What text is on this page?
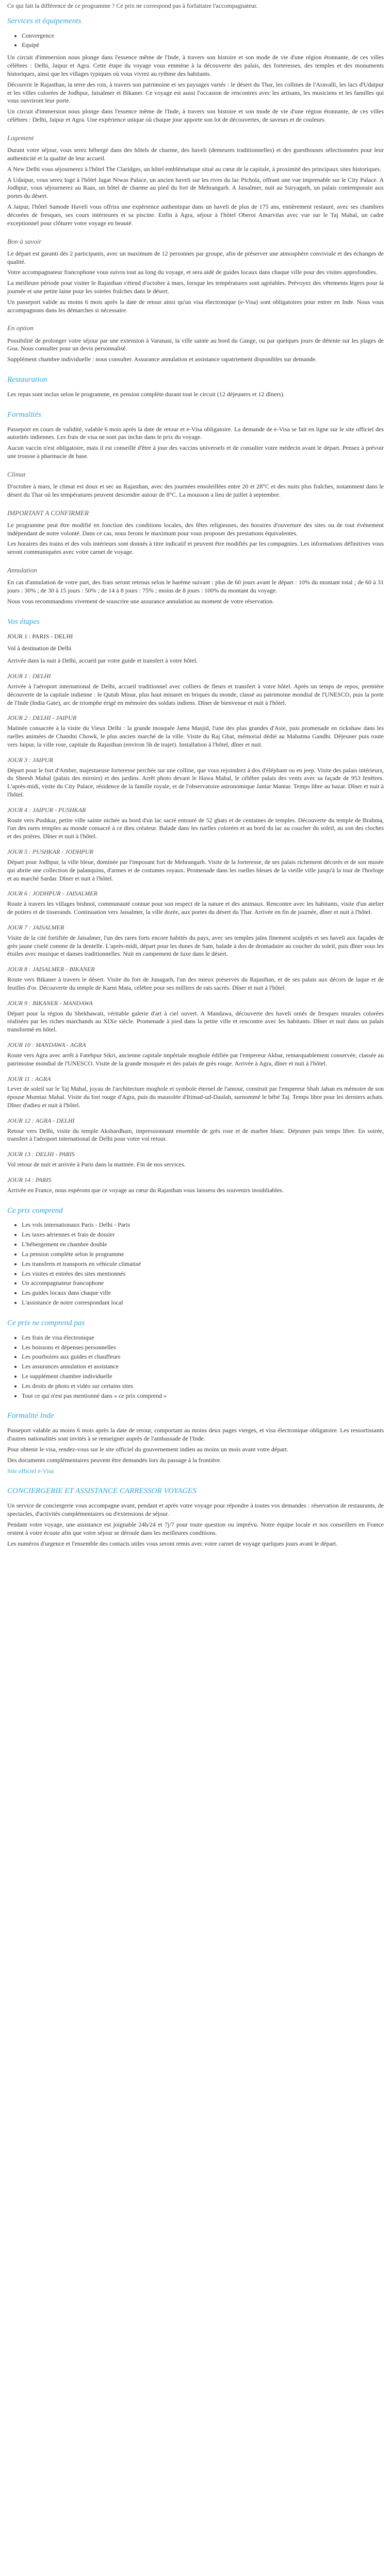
Ce qui fait la différence de ce programme ? Ce prix ne correspond pas à forfaitaire l'accompagnateur.

Services et équipements
• Convergence
• Equipé

Un circuit d'immersion nous plonge dans l'essence même de l'Inde, à travers son histoire et son mode de vie d'une région étonnante, de ces villes célèbres : Delhi, Jaipur et Agra. Cette étape du voyage vous emmène à la découverte des palais, des forteresses, des temples et des monuments historiques, ainsi que les villages typiques où vous vivrez au rythme des habitants.

Découvrir le Rajasthan, la terre des rois, à travers son patrimoine et ses paysages variés : le désert du Thar, les collines de l'Aravalli, les lacs d'Udaipur et les villes colorées de Jodhpur, Jaisalmer et Bikaner. Ce voyage est aussi l'occasion de rencontres avec les artisans, les musiciens et les familles qui vous ouvriront leur porte.

Un circuit d'immersion nous plonge dans l'essence même de l'Inde, à travers son histoire et son mode de vie d'une région étonnante, de ces villes célèbres : Delhi, Jaipur et Agra. Une expérience unique où chaque jour apporte son lot de découvertes, de saveurs et de couleurs.

Logement

Durant votre séjour, vous serez hébergé dans des hôtels de charme, des haveli (demeures traditionnelles) et des guesthouses sélectionnées pour leur authenticité et la qualité de leur accueil.

A New Delhi vous séjournerez à l'hôtel The Claridges, un hôtel emblématique situé au cœur de la capitale, à proximité des principaux sites historiques.

A Udaipur, vous serez logé à l'hôtel Jagat Niwas Palace, un ancien haveli sur les rives du lac Pichola, offrant une vue imprenable sur le City Palace. A Jodhpur, vous séjournerez au Raas, un hôtel de charme au pied du fort de Mehrangarh. A Jaisalmer, nuit au Suryagarh, un palais contemporain aux portes du désert.

A Jaipur, l'hôtel Samode Haveli vous offrira une expérience authentique dans un haveli de plus de 175 ans, entièrement restauré, avec ses chambres décorées de fresques, ses cours intérieures et sa piscine. Enfin à Agra, séjour à l'hôtel Oberoi Amarvilas avec vue sur le Taj Mahal, un cadre exceptionnel pour clôturer votre voyage en beauté.

Bon à savoir

Le départ est garanti dès 2 participants, avec un maximum de 12 personnes par groupe, afin de préserver une atmosphère conviviale et des échanges de qualité.

Votre accompagnateur francophone vous suivra tout au long du voyage, et sera aidé de guides locaux dans chaque ville pour des visites approfondies.

La meilleure période pour visiter le Rajasthan s'étend d'octobre à mars, lorsque les températures sont agréables. Prévoyez des vêtements légers pour la journée et une petite laine pour les soirées fraîches dans le désert.

Un passeport valide au moins 6 mois après la date de retour ainsi qu'un visa électronique (e-Visa) sont obligatoires pour entrer en Inde. Nous vous accompagnons dans les démarches si nécessaire.

En option

Possibilité de prolonger votre séjour par une extension à Varanasi, la ville sainte au bord du Gange, ou par quelques jours de détente sur les plages de Goa. Nous consulter pour un devis personnalisé.

Supplément chambre individuelle : nous consulter. Assurance annulation et assistance rapatriement disponibles sur demande.

Restauration

Les repas sont inclus selon le programme, en pension complète durant tout le circuit (12 déjeuners et 12 dîners).

Formalités

Passeport en cours de validité, valable 6 mois après la date de retour et e-Visa obligatoire. La demande de e-Visa se fait en ligne sur le site officiel des autorités indiennes. Les frais de visa ne sont pas inclus dans le prix du voyage.

Aucun vaccin n'est obligatoire, mais il est conseillé d'être à jour des vaccins universels et de consulter votre médecin avant le départ. Pensez à prévoir une trousse à pharmacie de base.

Climat

D'octobre à mars, le climat est doux et sec au Rajasthan, avec des journées ensoleillées entre 20 et 28°C et des nuits plus fraîches, notamment dans le désert du Thar où les températures peuvent descendre autour de 8°C. La mousson a lieu de juillet à septembre.

IMPORTANT A CONFIRMER

Le programme peut être modifié en fonction des conditions locales, des fêtes religieuses, des horaires d'ouverture des sites ou de tout événement indépendant de notre volonté. Dans ce cas, nous ferons le maximum pour vous proposer des prestations équivalentes.

Les horaires des trains et des vols intérieurs sont donnés à titre indicatif et peuvent être modifiés par les compagnies. Les informations définitives vous seront communiquées avec votre carnet de voyage.

Annulation

En cas d'annulation de votre part, des frais seront retenus selon le barème suivant : plus de 60 jours avant le départ : 10% du montant total ; de 60 à 31 jours : 30% ; de 30 à 15 jours : 50% ; de 14 à 8 jours : 75% ; moins de 8 jours : 100% du montant du voyage.

Nous vous recommandons vivement de souscrire une assurance annulation au moment de votre réservation.

Vos étapes

JOUR 1 : PARIS - DELHI

Vol à destination de Delhi

Arrivée dans la nuit à Delhi, accueil par votre guide et transfert à votre hôtel.

JOUR 1 : DELHI

Arrivée à l'aéroport international de Delhi, accueil traditionnel avec colliers de fleurs et transfert à votre hôtel. Après un temps de repos, première découverte de la capitale indienne : le Qutub Minar, plus haut minaret en briques du monde, classé au patrimoine mondial de l'UNESCO, puis la porte de l'Inde (India Gate), arc de triomphe érigé en mémoire des soldats indiens. Dîner de bienvenue et nuit à l'hôtel.

JOUR 2 : DELHI - JAIPUR

Matinée consacrée à la visite du Vieux Delhi : la grande mosquée Jama Masjid, l'une des plus grandes d'Asie, puis promenade en rickshaw dans les ruelles animées de Chandni Chowk, le plus ancien marché de la ville. Visite du Raj Ghat, mémorial dédié au Mahatma Gandhi. Déjeuner puis route vers Jaipur, la ville rose, capitale du Rajasthan (environ 5h de trajet). Installation à l'hôtel, dîner et nuit.

JOUR 3 : JAIPUR

Départ pour le fort d'Amber, majestueuse forteresse perchée sur une colline, que vous rejoindrez à dos d'éléphant ou en jeep. Visite des palais intérieurs, du Sheesh Mahal (palais des miroirs) et des jardins. Arrêt photo devant le Hawa Mahal, le célèbre palais des vents avec sa façade de 953 fenêtres. L'après-midi, visite du City Palace, résidence de la famille royale, et de l'observatoire astronomique Jantar Mantar. Temps libre au bazar. Dîner et nuit à l'hôtel.

JOUR 4 : JAIPUR - PUSHKAR

Route vers Pushkar, petite ville sainte nichée au bord d'un lac sacré entouré de 52 ghats et de centaines de temples. Découverte du temple de Brahma, l'un des rares temples au monde consacré à ce dieu créateur. Balade dans les ruelles colorées et au bord du lac au coucher du soleil, au son des cloches et des prières. Dîner et nuit à l'hôtel.

JOUR 5 : PUSHKAR - JODHPUR

Départ pour Jodhpur, la ville bleue, dominée par l'imposant fort de Mehrangarh. Visite de la forteresse, de ses palais richement décorés et de son musée qui abrite une collection de palanquins, d'armes et de costumes royaux. Promenade dans les ruelles bleues de la vieille ville jusqu'à la tour de l'horloge et au marché Sardar. Dîner et nuit à l'hôtel.

JOUR 6 : JODHPUR - JAISALMER

Route à travers les villages bishnoï, communauté connue pour son respect de la nature et des animaux. Rencontre avec les habitants, visite d'un atelier de potiers et de tisserands. Continuation vers Jaisalmer, la ville dorée, aux portes du désert du Thar. Arrivée en fin de journée, dîner et nuit à l'hôtel.

JOUR 7 : JAISALMER

Visite de la cité fortifiée de Jaisalmer, l'un des rares forts encore habités du pays, avec ses temples jaïns finement sculptés et ses haveli aux façades de grès jaune ciselé comme de la dentelle. L'après-midi, départ pour les dunes de Sam, balade à dos de dromadaire au coucher du soleil, puis dîner sous les étoiles avec musique et danses traditionnelles. Nuit en campement de luxe dans le désert.

JOUR 8 : JAISALMER - BIKANER

Route vers Bikaner à travers le désert. Visite du fort de Junagarh, l'un des mieux préservés du Rajasthan, et de ses palais aux décors de laque et de feuilles d'or. Découverte du temple de Karni Mata, célèbre pour ses milliers de rats sacrés. Dîner et nuit à l'hôtel.

JOUR 9 : BIKANER - MANDAWA

Départ pour la région du Shekhawati, véritable galerie d'art à ciel ouvert. A Mandawa, découverte des haveli ornés de fresques murales colorées réalisées par les riches marchands au XIXe siècle. Promenade à pied dans la petite ville et rencontre avec les habitants. Dîner et nuit dans un palais transformé en hôtel.

JOUR 10 : MANDAWA - AGRA

Route vers Agra avec arrêt à Fatehpur Sikri, ancienne capitale impériale moghole édifiée par l'empereur Akbar, remarquablement conservée, classée au patrimoine mondial de l'UNESCO. Visite de la grande mosquée et des palais de grès rouge. Arrivée à Agra, dîner et nuit à l'hôtel.

JOUR 11 : AGRA

Lever de soleil sur le Taj Mahal, joyau de l'architecture moghole et symbole éternel de l'amour, construit par l'empereur Shah Jahan en mémoire de son épouse Mumtaz Mahal. Visite du fort rouge d'Agra, puis du mausolée d'Itimad-ud-Daulah, surnommé le bébé Taj. Temps libre pour les derniers achats. Dîner d'adieu et nuit à l'hôtel.

JOUR 12 : AGRA - DELHI

Retour vers Delhi, visite du temple Akshardham, impressionnant ensemble de grès rose et de marbre blanc. Déjeuner puis temps libre. En soirée, transfert à l'aéroport international de Delhi pour votre vol retour.

JOUR 13 : DELHI - PARIS

Vol retour de nuit et arrivée à Paris dans la matinée. Fin de nos services.

JOUR 14 : PARIS

Arrivée en France, nous espérons que ce voyage au cœur du Rajasthan vous laissera des souvenirs inoubliables.

Ce prix comprend
• Les vols internationaux Paris - Delhi - Paris
• Les taxes aériennes et frais de dossier
• L'hébergement en chambre double
• La pension complète selon le programme
• Les transferts et transports en véhicule climatisé
• Les visites et entrées des sites mentionnés
• Un accompagnateur francophone
• Les guides locaux dans chaque ville
• L'assistance de notre correspondant local
Ce prix ne comprend pas
• Les frais de visa électronique
• Les boissons et dépenses personnelles
• Les pourboires aux guides et chauffeurs
• Les assurances annulation et assistance
• Le supplément chambre individuelle
• Les droits de photo et vidéo sur certains sites
• Tout ce qui n'est pas mentionné dans « ce prix comprend »
Formalité Inde

Passeport valable au moins 6 mois après la date de retour, comportant au moins deux pages vierges, et visa électronique obligatoire. Les ressortissants d'autres nationalités sont invités à se renseigner auprès de l'ambassade de l'Inde.

Pour obtenir le visa, rendez-vous sur le site officiel du gouvernement indien au moins un mois avant votre départ.

Des documents complémentaires peuvent être demandés lors du passage à la frontière.

Site officiel e-Visa

CONCIERGERIE ET ASSISTANCE CARRESSOR VOYAGES

Un service de conciergerie vous accompagne avant, pendant et après votre voyage pour répondre à toutes vos demandes : réservation de restaurants, de spectacles, d'activités complémentaires ou d'extensions de séjour.

Pendant votre voyage, une assistance est joignable 24h/24 et 7j/7 pour toute question ou imprévu. Notre équipe locale et nos conseillers en France restent à votre écoute afin que votre séjour se déroule dans les meilleures conditions.

Les numéros d'urgence et l'ensemble des contacts utiles vous seront remis avec votre carnet de voyage quelques jours avant le départ.
